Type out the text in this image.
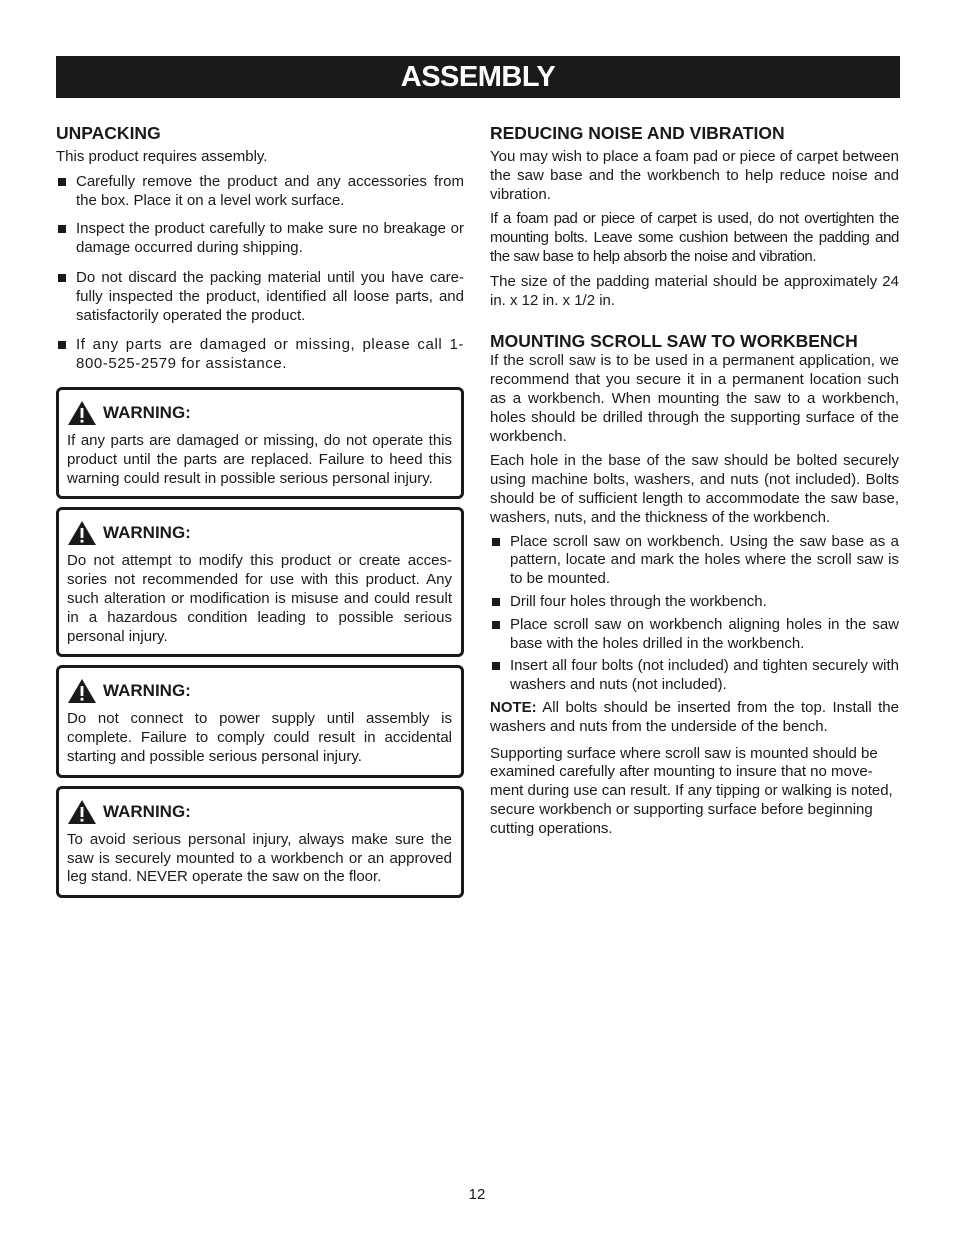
ASSEMBLY
UNPACKING

This product requires assembly.

Carefully remove the product and any accessories from the box. Place it on a level work surface.
Inspect the product carefully to make sure no breakage or damage occurred during shipping.
Do not discard the packing material until you have care-fully inspected the product, identified all loose parts, and satisfactorily operated the product.
If any parts are damaged or missing, please call 1-800-525-2579 for assistance.
WARNING:

If any parts are damaged or missing, do not operate this product until the parts are replaced. Failure to heed this warning could result in possible serious personal injury.

WARNING:

Do not attempt to modify this product or create acces-sories not recommended for use with this product. Any such alteration or modification is misuse and could result in a hazardous condition leading to possible serious personal injury.

WARNING:

Do not connect to power supply until assembly is complete. Failure to comply could result in accidental starting and possible serious personal injury.

WARNING:

To avoid serious personal injury, always make sure the saw is securely mounted to a workbench or an approved leg stand. NEVER operate the saw on the floor.

REDUCING NOISE AND VIBRATION

You may wish to place a foam pad or piece of carpet between the saw base and the workbench to help reduce noise and vibration.

If a foam pad or piece of carpet is used, do not overtighten the mounting bolts. Leave some cushion between the padding and the saw base to help absorb the noise and vibration.

The size of the padding material should be approximately 24 in. x 12 in. x 1/2 in.

MOUNTING SCROLL SAW TO WORKBENCH

If the scroll saw is to be used in a permanent application, we recommend that you secure it in a permanent location such as a workbench. When mounting the saw to a workbench, holes should be drilled through the supporting surface of the workbench.

Each hole in the base of the saw should be bolted securely using machine bolts, washers, and nuts (not included). Bolts should be of sufficient length to accommodate the saw base, washers, nuts, and the thickness of the workbench.

Place scroll saw on workbench. Using the saw base as a pattern, locate and mark the holes where the scroll saw is to be mounted.
Drill four holes through the workbench.
Place scroll saw on workbench aligning holes in the saw base with the holes drilled in the workbench.
Insert all four bolts (not included) and tighten securely with washers and nuts (not included).

NOTE: All bolts should be inserted from the top. Install the washers and nuts from the underside of the bench.

Supporting surface where scroll saw is mounted should be examined carefully after mounting to insure that no move-ment during use can result. If any tipping or walking is noted, secure workbench or supporting surface before beginning cutting operations.

12
